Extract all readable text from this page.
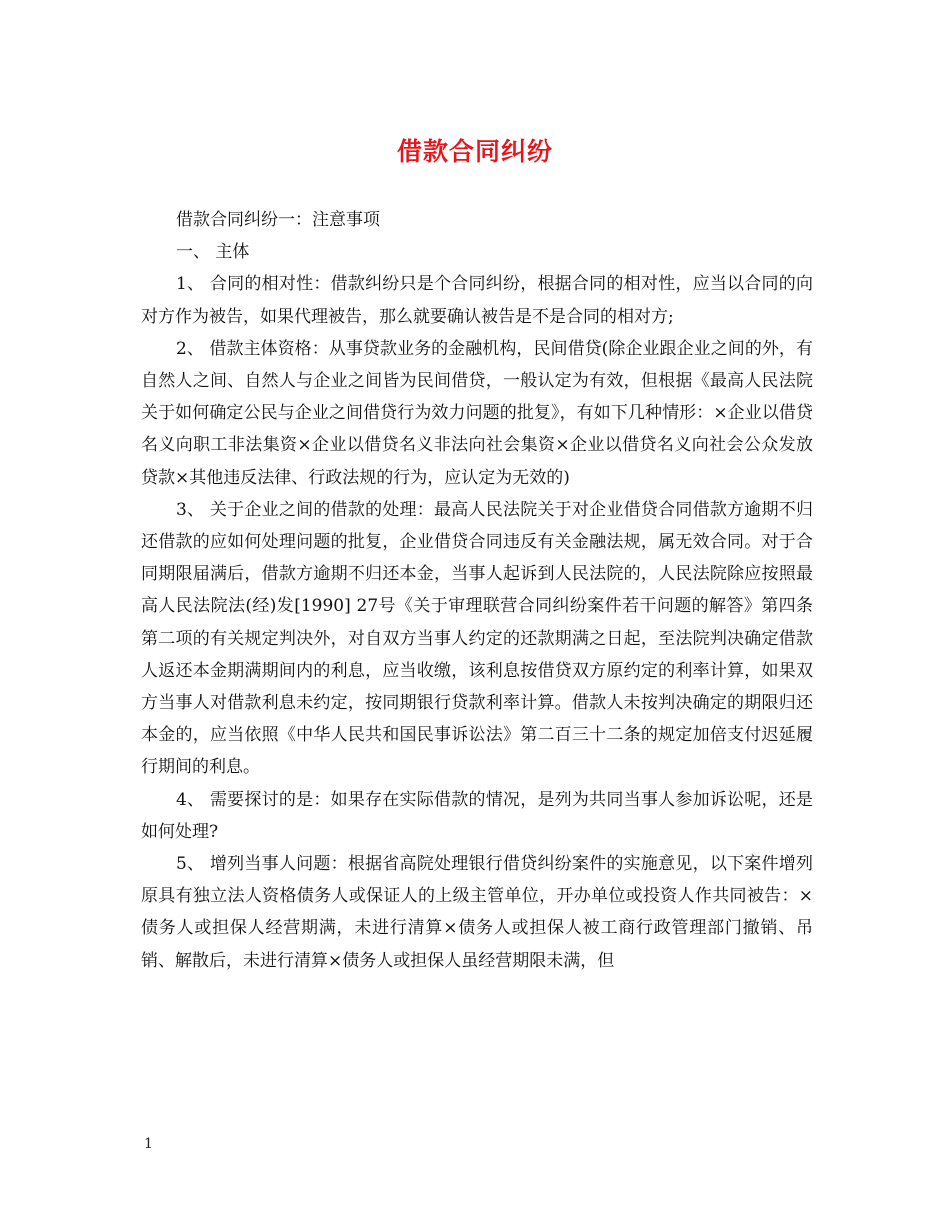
借款合同纠纷

借款合同纠纷一：注意事项

一、 主体

1、 合同的相对性：借款纠纷只是个合同纠纷，根据合同的相对性，应当以合同的向对方作为被告，如果代理被告，那么就要确认被告是不是合同的相对方;

2、 借款主体资格：从事贷款业务的金融机构，民间借贷(除企业跟企业之间的外，有自然人之间、自然人与企业之间皆为民间借贷，一般认定为有效，但根据《最高人民法院关于如何确定公民与企业之间借贷行为效力问题的批复》，有如下几种情形：×企业以借贷名义向职工非法集资×企业以借贷名义非法向社会集资×企业以借贷名义向社会公众发放贷款×其他违反法律、行政法规的行为，应认定为无效的)

3、 关于企业之间的借款的处理：最高人民法院关于对企业借贷合同借款方逾期不归还借款的应如何处理问题的批复，企业借贷合同违反有关金融法规，属无效合同。对于合同期限届满后，借款方逾期不归还本金，当事人起诉到人民法院的，人民法院除应按照最高人民法院法(经)发[1990] 27号《关于审理联营合同纠纷案件若干问题的解答》第四条第二项的有关规定判决外，对自双方当事人约定的还款期满之日起，至法院判决确定借款人返还本金期满期间内的利息，应当收缴，该利息按借贷双方原约定的利率计算，如果双方当事人对借款利息未约定，按同期银行贷款利率计算。借款人未按判决确定的期限归还本金的，应当依照《中华人民共和国民事诉讼法》第二百三十二条的规定加倍支付迟延履行期间的利息。

4、 需要探讨的是：如果存在实际借款的情况，是列为共同当事人参加诉讼呢，还是如何处理?

5、 增列当事人问题：根据省高院处理银行借贷纠纷案件的实施意见，以下案件增列原具有独立法人资格债务人或保证人的上级主管单位，开办单位或投资人作共同被告：×债务人或担保人经营期满，未进行清算×债务人或担保人被工商行政管理部门撤销、吊销、解散后，未进行清算×债务人或担保人虽经营期限未满，但

1
